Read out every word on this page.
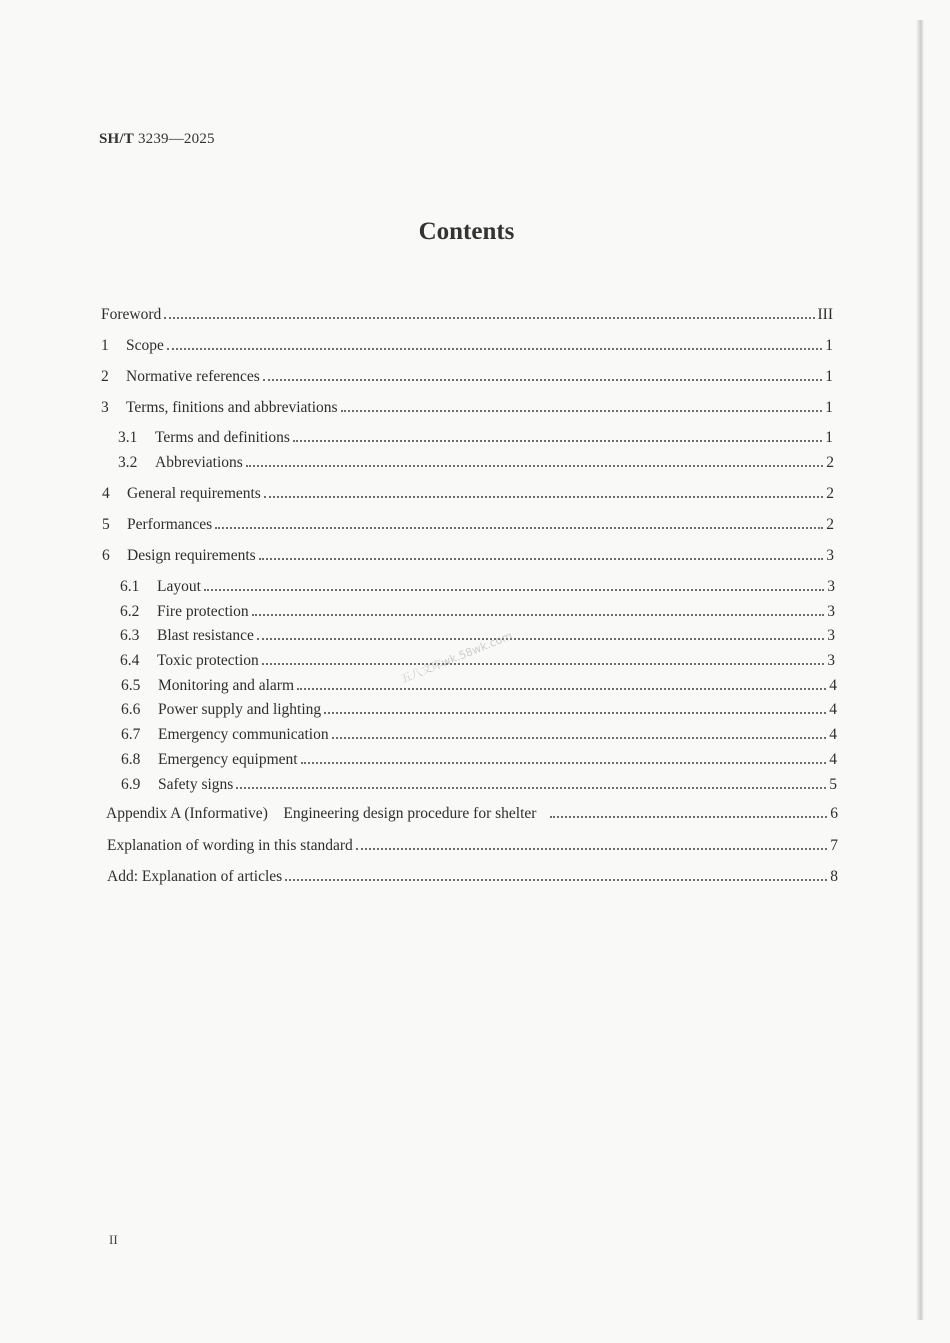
SH/T 3239—2025
Contents
Foreword	III
1	Scope	1
2	Normative references	1
3	Terms, finitions and abbreviations	1
3.1	Terms and definitions	1
3.2	Abbreviations	2
4	General requirements	2
5	Performances	2
6	Design requirements	3
6.1	Layout	3
6.2	Fire protection	3
6.3	Blast resistance	3
6.4	Toxic protection	3
6.5	Monitoring and alarm	4
6.6	Power supply and lighting	4
6.7	Emergency communication	4
6.8	Emergency equipment	4
6.9	Safety signs	5
Appendix A (Informative)    Engineering design procedure for shelter	6
Explanation of wording in this standard	7
Add: Explanation of articles	8
五八文库wk.58wk.com
II
